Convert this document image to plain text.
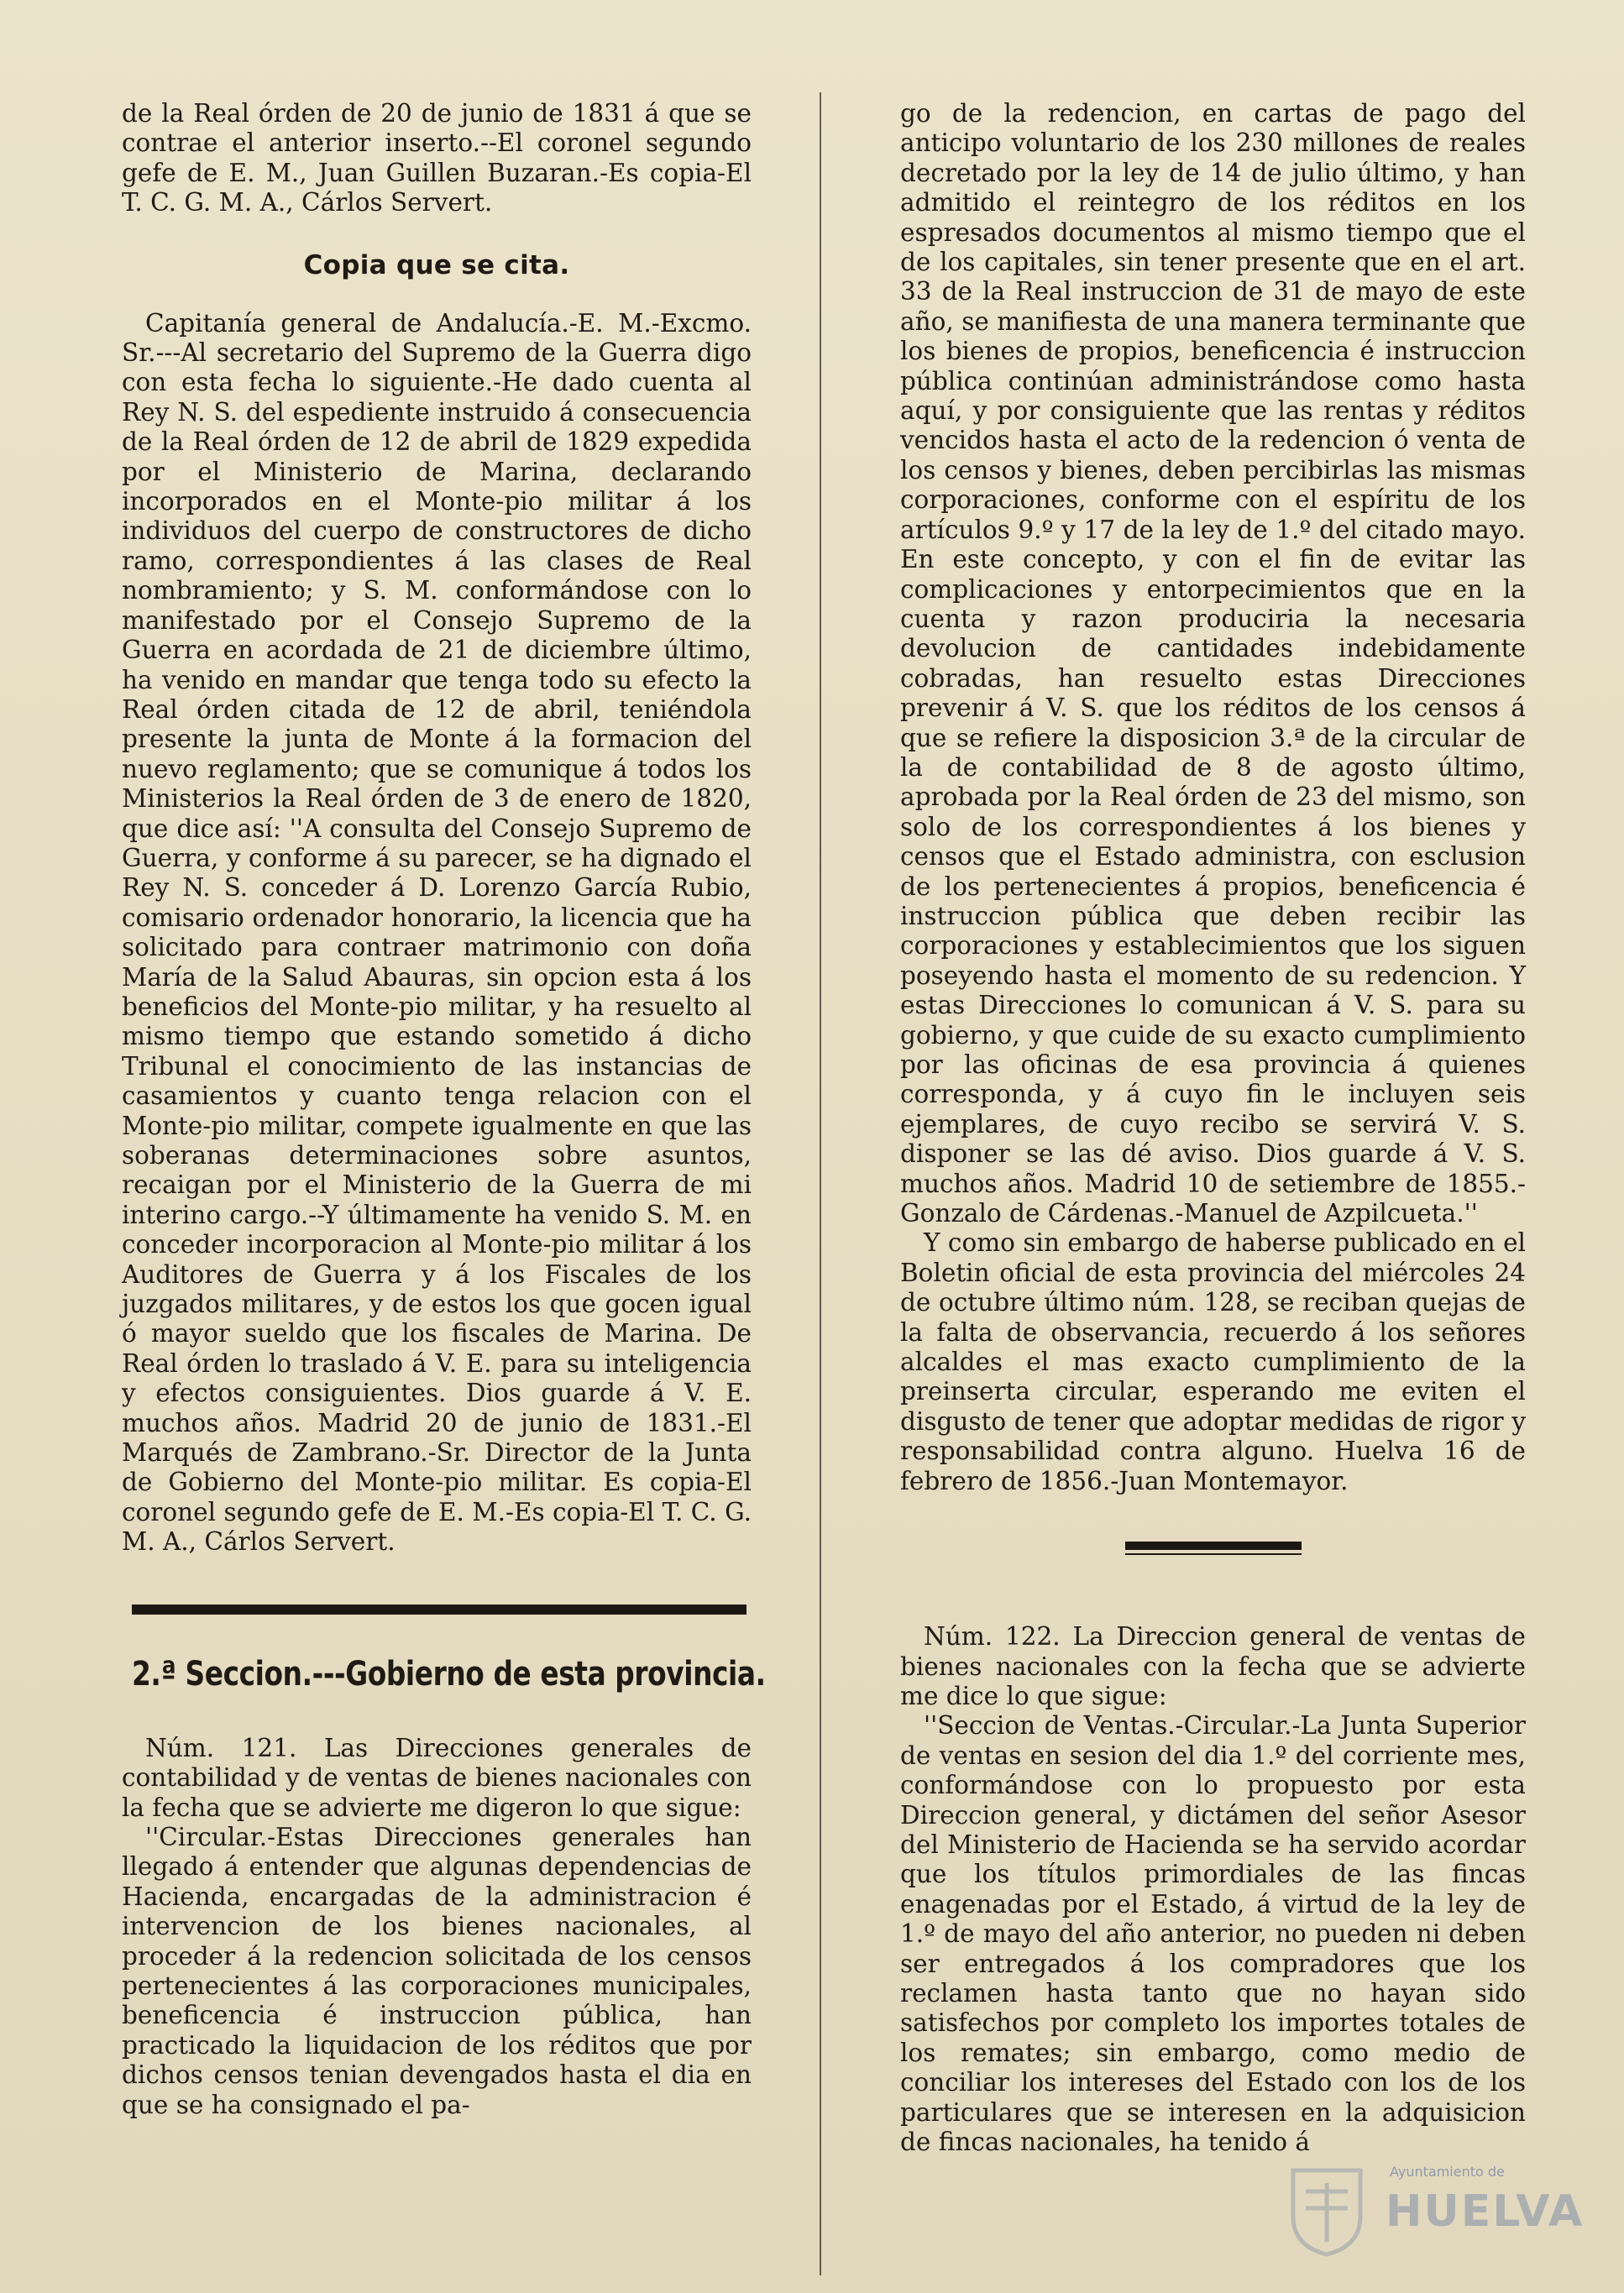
de la Real órden de 20 de junio de 1831 á que se contrae el anterior inserto.--El coronel segundo gefe de E. M., Juan Guillen Buzaran.-Es copia-El T. C. G. M. A., Cárlos Servert.

Copia que se cita.

Capitanía general de Andalucía.-E. M.-Excmo. Sr.---Al secretario del Supremo de la Guerra digo con esta fecha lo siguiente.-He dado cuenta al Rey N. S. del espediente instruido á consecuencia de la Real órden de 12 de abril de 1829 expedida por el Ministerio de Marina, declarando incorporados en el Monte-pio militar á los individuos del cuerpo de constructores de dicho ramo, correspondientes á las clases de Real nombramiento; y S. M. conformándose con lo manifestado por el Consejo Supremo de la Guerra en acordada de 21 de diciembre último, ha venido en mandar que tenga todo su efecto la Real órden citada de 12 de abril, teniéndola presente la junta de Monte á la formacion del nuevo reglamento; que se comunique á todos los Ministerios la Real órden de 3 de enero de 1820, que dice así: ''A consulta del Consejo Supremo de Guerra, y conforme á su parecer, se ha dignado el Rey N. S. conceder á D. Lorenzo García Rubio, comisario ordenador honorario, la licencia que ha solicitado para contraer matrimonio con doña María de la Salud Abauras, sin opcion esta á los beneficios del Monte-pio militar, y ha resuelto al mismo tiempo que estando sometido á dicho Tribunal el conocimiento de las instancias de casamientos y cuanto tenga relacion con el Monte-pio militar, compete igualmente en que las soberanas determinaciones sobre asuntos, recaigan por el Ministerio de la Guerra de mi interino cargo.--Y últimamente ha venido S. M. en conceder incorporacion al Monte-pio militar á los Auditores de Guerra y á los Fiscales de los juzgados militares, y de estos los que gocen igual ó mayor sueldo que los fiscales de Marina. De Real órden lo traslado á V. E. para su inteligencia y efectos consiguientes. Dios guarde á V. E. muchos años. Madrid 20 de junio de 1831.-El Marqués de Zambrano.-Sr. Director de la Junta de Gobierno del Monte-pio militar. Es copia-El coronel segundo gefe de E. M.-Es copia-El T. C. G. M. A., Cárlos Servert.

2.ª Seccion.---Gobierno de esta provincia.

Núm. 121. Las Direcciones generales de contabilidad y de ventas de bienes nacionales con la fecha que se advierte me digeron lo que sigue:

''Circular.-Estas Direcciones generales han llegado á entender que algunas dependencias de Hacienda, encargadas de la administracion é intervencion de los bienes nacionales, al proceder á la redencion solicitada de los censos pertenecientes á las corporaciones municipales, beneficencia é instruccion pública, han practicado la liquidacion de los réditos que por dichos censos tenian devengados hasta el dia en que se ha consignado el pa-

go de la redencion, en cartas de pago del anticipo voluntario de los 230 millones de reales decretado por la ley de 14 de julio último, y han admitido el reintegro de los réditos en los espresados documentos al mismo tiempo que el de los capitales, sin tener presente que en el art. 33 de la Real instruccion de 31 de mayo de este año, se manifiesta de una manera terminante que los bienes de propios, beneficencia é instruccion pública continúan administrándose como hasta aquí, y por consiguiente que las rentas y réditos vencidos hasta el acto de la redencion ó venta de los censos y bienes, deben percibirlas las mismas corporaciones, conforme con el espíritu de los artículos 9.º y 17 de la ley de 1.º del citado mayo. En este concepto, y con el fin de evitar las complicaciones y entorpecimientos que en la cuenta y razon produciria la necesaria devolucion de cantidades indebidamente cobradas, han resuelto estas Direcciones prevenir á V. S. que los réditos de los censos á que se refiere la disposicion 3.ª de la circular de la de contabilidad de 8 de agosto último, aprobada por la Real órden de 23 del mismo, son solo de los correspondientes á los bienes y censos que el Estado administra, con esclusion de los pertenecientes á propios, beneficencia é instruccion pública que deben recibir las corporaciones y establecimientos que los siguen poseyendo hasta el momento de su redencion. Y estas Direcciones lo comunican á V. S. para su gobierno, y que cuide de su exacto cumplimiento por las oficinas de esa provincia á quienes corresponda, y á cuyo fin le incluyen seis ejemplares, de cuyo recibo se servirá V. S. disponer se las dé aviso. Dios guarde á V. S. muchos años. Madrid 10 de setiembre de 1855.-Gonzalo de Cárdenas.-Manuel de Azpilcueta.''

Y como sin embargo de haberse publicado en el Boletin oficial de esta provincia del miércoles 24 de octubre último núm. 128, se reciban quejas de la falta de observancia, recuerdo á los señores alcaldes el mas exacto cumplimiento de la preinserta circular, esperando me eviten el disgusto de tener que adoptar medidas de rigor y responsabilidad contra alguno. Huelva 16 de febrero de 1856.-Juan Montemayor.

Núm. 122. La Direccion general de ventas de bienes nacionales con la fecha que se advierte me dice lo que sigue:

''Seccion de Ventas.-Circular.-La Junta Superior de ventas en sesion del dia 1.º del corriente mes, conformándose con lo propuesto por esta Direccion general, y dictámen del señor Asesor del Ministerio de Hacienda se ha servido acordar que los títulos primordiales de las fincas enagenadas por el Estado, á virtud de la ley de 1.º de mayo del año anterior, no pueden ni deben ser entregados á los compradores que los reclamen hasta tanto que no hayan sido satisfechos por completo los importes totales de los remates; sin embargo, como medio de conciliar los intereses del Estado con los de los particulares que se interesen en la adquisicion de fincas nacionales, ha tenido á

Ayuntamiento de
HUELVA
